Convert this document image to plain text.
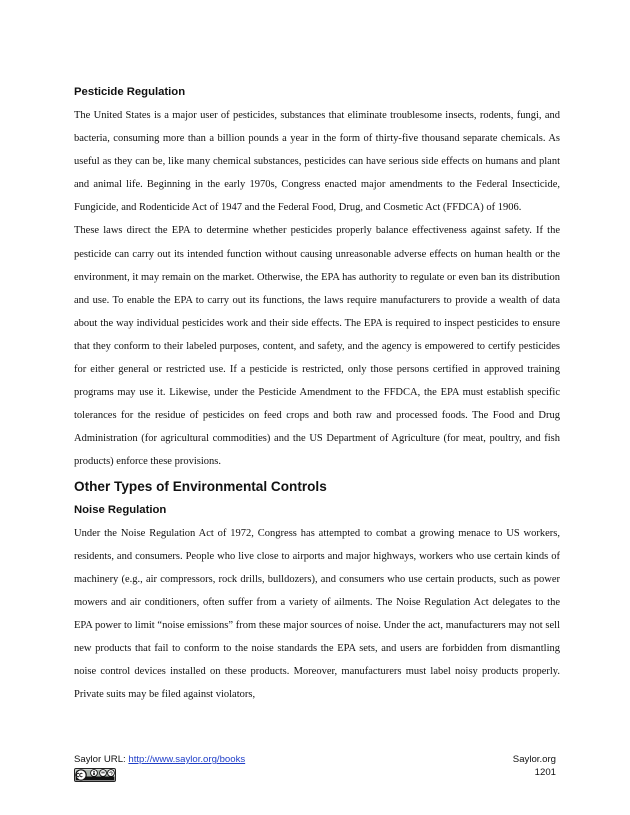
Pesticide Regulation

The United States is a major user of pesticides, substances that eliminate troublesome insects, rodents, fungi, and bacteria, consuming more than a billion pounds a year in the form of thirty-five thousand separate chemicals. As useful as they can be, like many chemical substances, pesticides can have serious side effects on humans and plant and animal life. Beginning in the early 1970s, Congress enacted major amendments to the Federal Insecticide, Fungicide, and Rodenticide Act of 1947 and the Federal Food, Drug, and Cosmetic Act (FFDCA) of 1906.

These laws direct the EPA to determine whether pesticides properly balance effectiveness against safety. If the pesticide can carry out its intended function without causing unreasonable adverse effects on human health or the environment, it may remain on the market. Otherwise, the EPA has authority to regulate or even ban its distribution and use. To enable the EPA to carry out its functions, the laws require manufacturers to provide a wealth of data about the way individual pesticides work and their side effects. The EPA is required to inspect pesticides to ensure that they conform to their labeled purposes, content, and safety, and the agency is empowered to certify pesticides for either general or restricted use. If a pesticide is restricted, only those persons certified in approved training programs may use it. Likewise, under the Pesticide Amendment to the FFDCA, the EPA must establish specific tolerances for the residue of pesticides on feed crops and both raw and processed foods. The Food and Drug Administration (for agricultural commodities) and the US Department of Agriculture (for meat, poultry, and fish products) enforce these provisions.

Other Types of Environmental Controls
Noise Regulation

Under the Noise Regulation Act of 1972, Congress has attempted to combat a growing menace to US workers, residents, and consumers. People who live close to airports and major highways, workers who use certain kinds of machinery (e.g., air compressors, rock drills, bulldozers), and consumers who use certain products, such as power mowers and air conditioners, often suffer from a variety of ailments. The Noise Regulation Act delegates to the EPA power to limit “noise emissions” from these major sources of noise. Under the act, manufacturers may not sell new products that fail to conform to the noise standards the EPA sets, and users are forbidden from dismantling noise control devices installed on these products. Moreover, manufacturers must label noisy products properly. Private suits may be filed against violators,

Saylor URL: http://www.saylor.org/books	Saylor.org
1201
